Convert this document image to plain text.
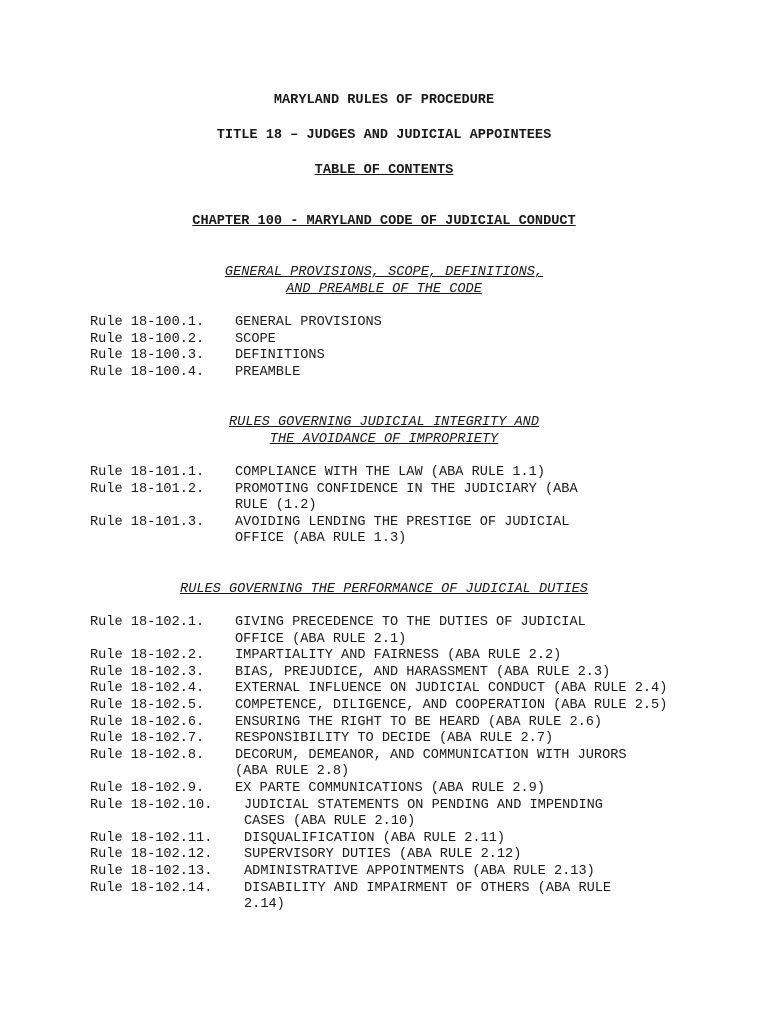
MARYLAND RULES OF PROCEDURE
TITLE 18 – JUDGES AND JUDICIAL APPOINTEES
TABLE OF CONTENTS
CHAPTER 100 - MARYLAND CODE OF JUDICIAL CONDUCT
GENERAL PROVISIONS, SCOPE, DEFINITIONS,
AND PREAMBLE OF THE CODE
Rule 18-100.1. GENERAL PROVISIONS
Rule 18-100.2. SCOPE
Rule 18-100.3. DEFINITIONS
Rule 18-100.4. PREAMBLE
RULES GOVERNING JUDICIAL INTEGRITY AND
THE AVOIDANCE OF IMPROPRIETY
Rule 18-101.1. COMPLIANCE WITH THE LAW (ABA RULE 1.1)
Rule 18-101.2. PROMOTING CONFIDENCE IN THE JUDICIARY (ABA
RULE (1.2)
Rule 18-101.3. AVOIDING LENDING THE PRESTIGE OF JUDICIAL
OFFICE (ABA RULE 1.3)
RULES GOVERNING THE PERFORMANCE OF JUDICIAL DUTIES
Rule 18-102.1. GIVING PRECEDENCE TO THE DUTIES OF JUDICIAL
OFFICE (ABA RULE 2.1)
Rule 18-102.2. IMPARTIALITY AND FAIRNESS (ABA RULE 2.2)
Rule 18-102.3. BIAS, PREJUDICE, AND HARASSMENT (ABA RULE 2.3)
Rule 18-102.4. EXTERNAL INFLUENCE ON JUDICIAL CONDUCT (ABA RULE 2.4)
Rule 18-102.5. COMPETENCE, DILIGENCE, AND COOPERATION (ABA RULE 2.5)
Rule 18-102.6. ENSURING THE RIGHT TO BE HEARD (ABA RULE 2.6)
Rule 18-102.7. RESPONSIBILITY TO DECIDE (ABA RULE 2.7)
Rule 18-102.8. DECORUM, DEMEANOR, AND COMMUNICATION WITH JURORS
(ABA RULE 2.8)
Rule 18-102.9. EX PARTE COMMUNICATIONS (ABA RULE 2.9)
Rule 18-102.10. JUDICIAL STATEMENTS ON PENDING AND IMPENDING
CASES (ABA RULE 2.10)
Rule 18-102.11. DISQUALIFICATION (ABA RULE 2.11)
Rule 18-102.12. SUPERVISORY DUTIES (ABA RULE 2.12)
Rule 18-102.13. ADMINISTRATIVE APPOINTMENTS (ABA RULE 2.13)
Rule 18-102.14. DISABILITY AND IMPAIRMENT OF OTHERS (ABA RULE
2.14)
